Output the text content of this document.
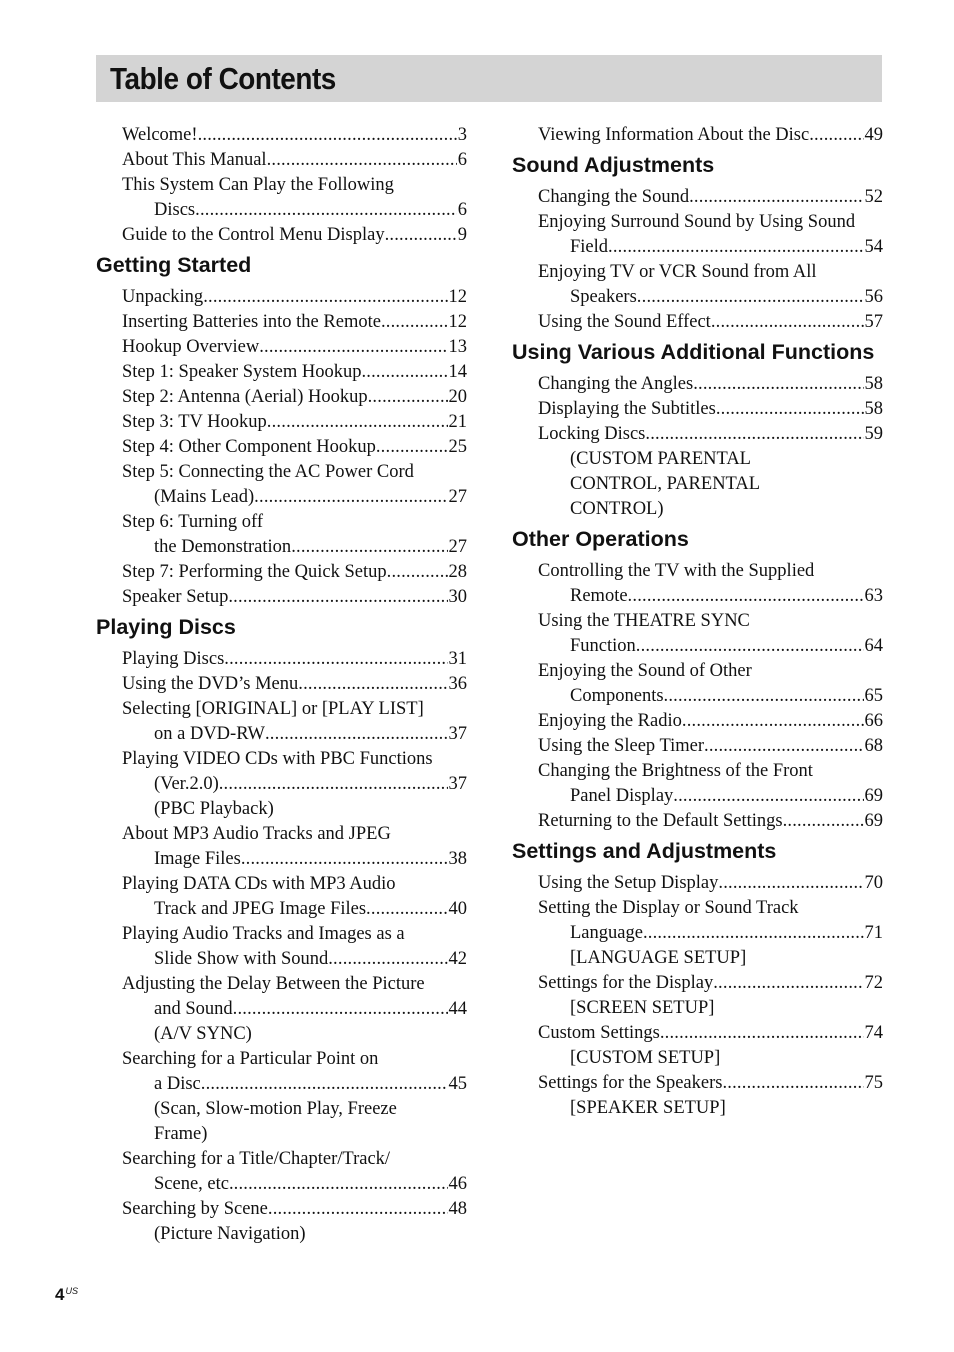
Table of Contents
Welcome! .....	3
About This Manual .....	6
This System Can Play the Following
Discs .....	6
Guide to the Control Menu Display .....	9
Getting Started
Unpacking .....	12
Inserting Batteries into the Remote .....	12
Hookup Overview .....	13
Step 1: Speaker System Hookup .....	14
Step 2: Antenna (Aerial) Hookup .....	20
Step 3: TV Hookup .....	21
Step 4: Other Component Hookup .....	25
Step 5: Connecting the AC Power Cord
(Mains Lead) .....	27
Step 6: Turning off
the Demonstration .....	27
Step 7: Performing the Quick Setup .....	28
Speaker Setup .....	30
Playing Discs
Playing Discs .....	31
Using the DVD’s Menu .....	36
Selecting [ORIGINAL] or [PLAY LIST]
on a DVD-RW .....	37
Playing VIDEO CDs with PBC Functions
(Ver.2.0) .....	37
(PBC Playback)
About MP3 Audio Tracks and JPEG
Image Files .....	38
Playing DATA CDs with MP3 Audio
Track and JPEG Image Files .....	40
Playing Audio Tracks and Images as a
Slide Show with Sound .....	42
Adjusting the Delay Between the Picture
and Sound .....	44
(A/V SYNC)
Searching for a Particular Point on
a Disc .....	45
(Scan, Slow-motion Play, Freeze
Frame)
Searching for a Title/Chapter/Track/
Scene, etc. .....	46
Searching by Scene .....	48
(Picture Navigation)
Viewing Information About the Disc .....	49
Sound Adjustments
Changing the Sound .....	52
Enjoying Surround Sound by Using Sound
Field .....	54
Enjoying TV or VCR Sound from All
Speakers .....	56
Using the Sound Effect .....	57
Using Various Additional Functions
Changing the Angles .....	58
Displaying the Subtitles .....	58
Locking Discs .....	59
(CUSTOM PARENTAL
CONTROL, PARENTAL
CONTROL)
Other Operations
Controlling the TV with the Supplied
Remote .....	63
Using the THEATRE SYNC
Function .....	64
Enjoying the Sound of Other
Components .....	65
Enjoying the Radio .....	66
Using the Sleep Timer .....	68
Changing the Brightness of the Front
Panel Display .....	69
Returning to the Default Settings .....	69
Settings and Adjustments
Using the Setup Display .....	70
Setting the Display or Sound Track
Language .....	71
[LANGUAGE SETUP]
Settings for the Display .....	72
[SCREEN SETUP]
Custom Settings .....	74
[CUSTOM SETUP]
Settings for the Speakers .....	75
[SPEAKER SETUP]
$4^{US}$
